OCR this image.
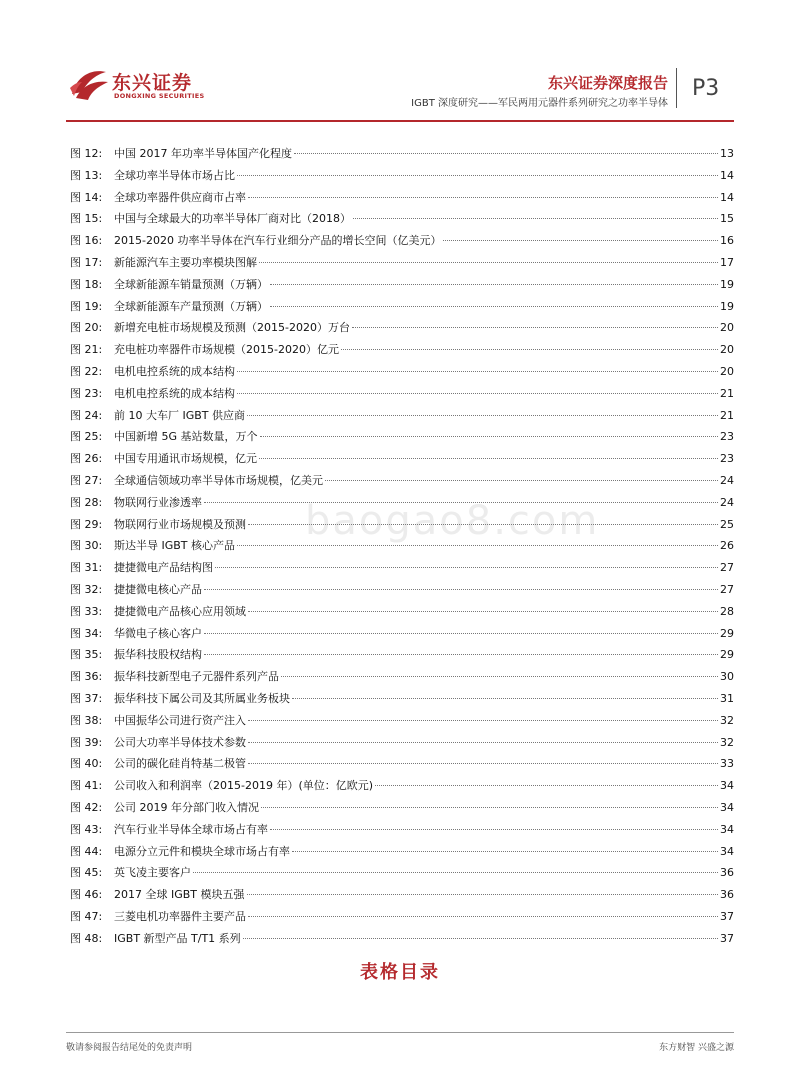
东兴证券
DONGXING SECURITIES
东兴证券深度报告
IGBT 深度研究——军民两用元器件系列研究之功率半导体
P3
图 12:	中国 2017 年功率半导体国产化程度	13
图 13:	全球功率半导体市场占比	14
图 14:	全球功率器件供应商市占率	14
图 15:	中国与全球最大的功率半导体厂商对比（2018）	15
图 16:	2015-2020 功率半导体在汽车行业细分产品的增长空间（亿美元）	16
图 17:	新能源汽车主要功率模块图解	17
图 18:	全球新能源车销量预测（万辆）	19
图 19:	全球新能源车产量预测（万辆）	19
图 20:	新增充电桩市场规模及预测（2015-2020）万台	20
图 21:	充电桩功率器件市场规模（2015-2020）亿元	20
图 22:	电机电控系统的成本结构	20
图 23:	电机电控系统的成本结构	21
图 24:	前 10 大车厂 IGBT 供应商	21
图 25:	中国新增 5G 基站数量，万个	23
图 26:	中国专用通讯市场规模，亿元	23
图 27:	全球通信领域功率半导体市场规模，亿美元	24
图 28:	物联网行业渗透率	24
图 29:	物联网行业市场规模及预测	25
图 30:	斯达半导 IGBT 核心产品	26
图 31:	捷捷微电产品结构图	27
图 32:	捷捷微电核心产品	27
图 33:	捷捷微电产品核心应用领域	28
图 34:	华微电子核心客户	29
图 35:	振华科技股权结构	29
图 36:	振华科技新型电子元器件系列产品	30
图 37:	振华科技下属公司及其所属业务板块	31
图 38:	中国振华公司进行资产注入	32
图 39:	公司大功率半导体技术参数	32
图 40:	公司的碳化硅肖特基二极管	33
图 41:	公司收入和利润率（2015-2019 年）(单位：亿欧元)	34
图 42:	公司 2019 年分部门收入情况	34
图 43:	汽车行业半导体全球市场占有率	34
图 44:	电源分立元件和模块全球市场占有率	34
图 45:	英飞凌主要客户	36
图 46:	2017 全球 IGBT 模块五强	36
图 47:	三菱电机功率器件主要产品	37
图 48:	IGBT 新型产品 T/T1 系列	37
baogao8.com
表格目录
敬请参阅报告结尾处的免责声明	东方财智 兴盛之源
